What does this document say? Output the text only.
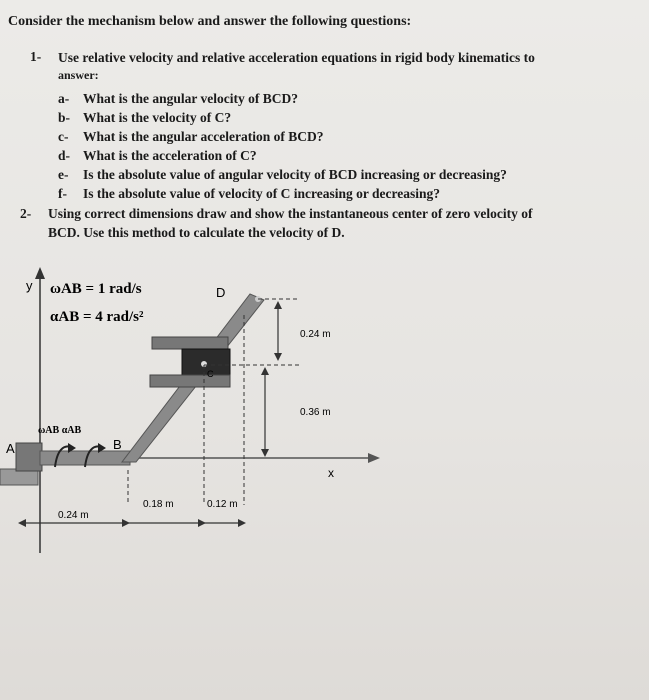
Consider the mechanism below and answer the following questions:
1- Use relative velocity and relative acceleration equations in rigid body kinematics to
answer:
a- What is the angular velocity of BCD?
b- What is the velocity of C?
c- What is the angular acceleration of BCD?
d- What is the acceleration of C?
e- Is the absolute value of angular velocity of BCD increasing or decreasing?
f- Is the absolute value of velocity of C increasing or decreasing?
2- Using correct dimensions draw and show the instantaneous center of zero velocity of
BCD. Use this method to calculate the velocity of D.
y
x
ωAB = 1 rad/s
αAB = 4 rad/s²
D
C
A	B
ωAB αAB
0.24 m
0.36 m
0.24 m
0.18 m	0.12 m
